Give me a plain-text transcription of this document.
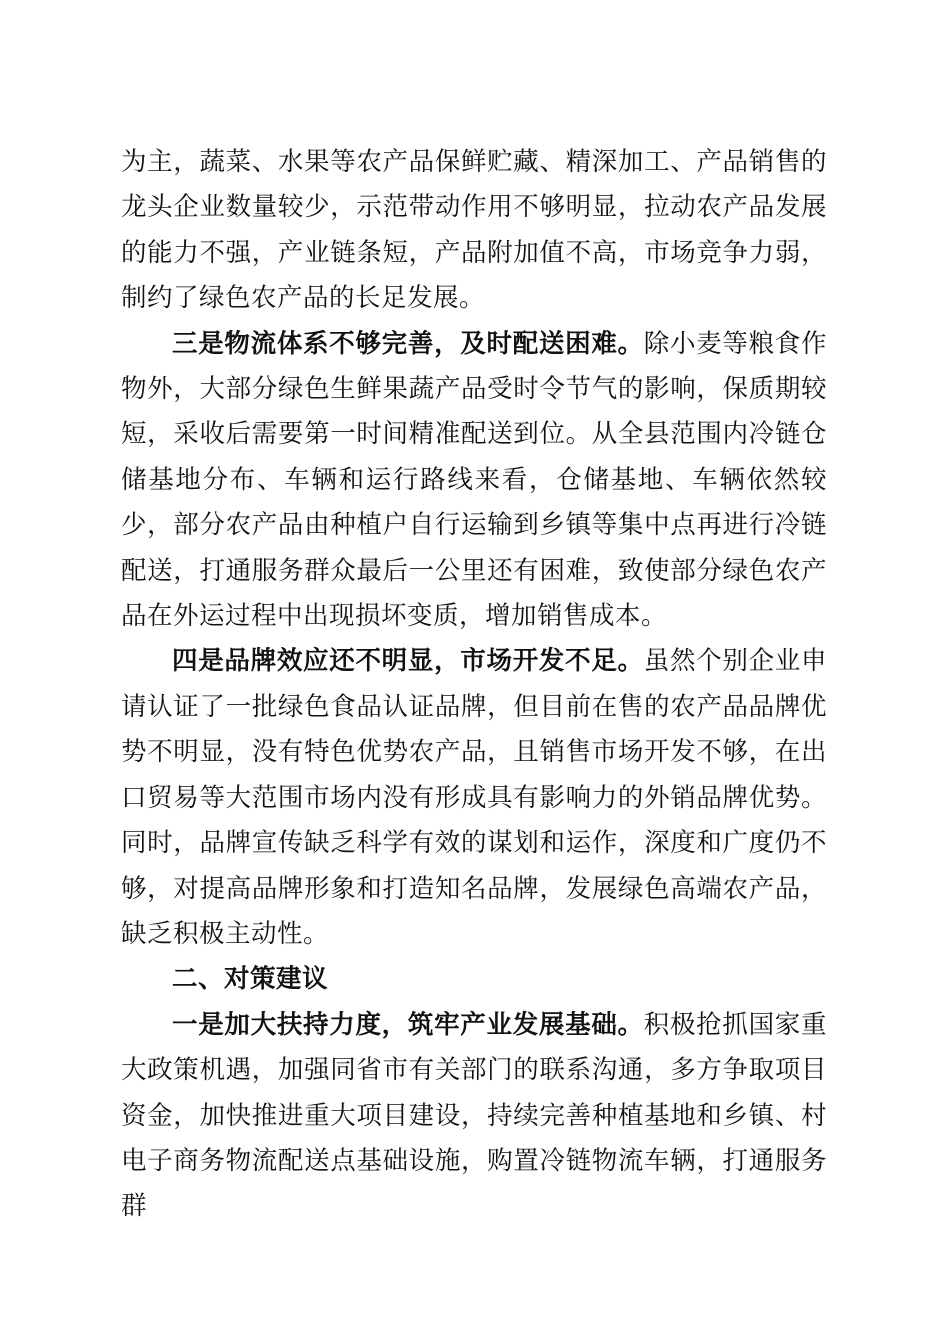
为主，蔬菜、水果等农产品保鲜贮藏、精深加工、产品销售的龙头企业数量较少，示范带动作用不够明显，拉动农产品发展的能力不强，产业链条短，产品附加值不高，市场竞争力弱，制约了绿色农产品的长足发展。

三是物流体系不够完善，及时配送困难。除小麦等粮食作物外，大部分绿色生鲜果蔬产品受时令节气的影响，保质期较短，采收后需要第一时间精准配送到位。从全县范围内冷链仓储基地分布、车辆和运行路线来看，仓储基地、车辆依然较少，部分农产品由种植户自行运输到乡镇等集中点再进行冷链配送，打通服务群众最后一公里还有困难，致使部分绿色农产品在外运过程中出现损坏变质，增加销售成本。

四是品牌效应还不明显，市场开发不足。虽然个别企业申请认证了一批绿色食品认证品牌，但目前在售的农产品品牌优势不明显，没有特色优势农产品，且销售市场开发不够，在出口贸易等大范围市场内没有形成具有影响力的外销品牌优势。同时，品牌宣传缺乏科学有效的谋划和运作，深度和广度仍不够，对提高品牌形象和打造知名品牌，发展绿色高端农产品，缺乏积极主动性。

二、对策建议

一是加大扶持力度，筑牢产业发展基础。积极抢抓国家重大政策机遇，加强同省市有关部门的联系沟通，多方争取项目资金，加快推进重大项目建设，持续完善种植基地和乡镇、村电子商务物流配送点基础设施，购置冷链物流车辆，打通服务群
